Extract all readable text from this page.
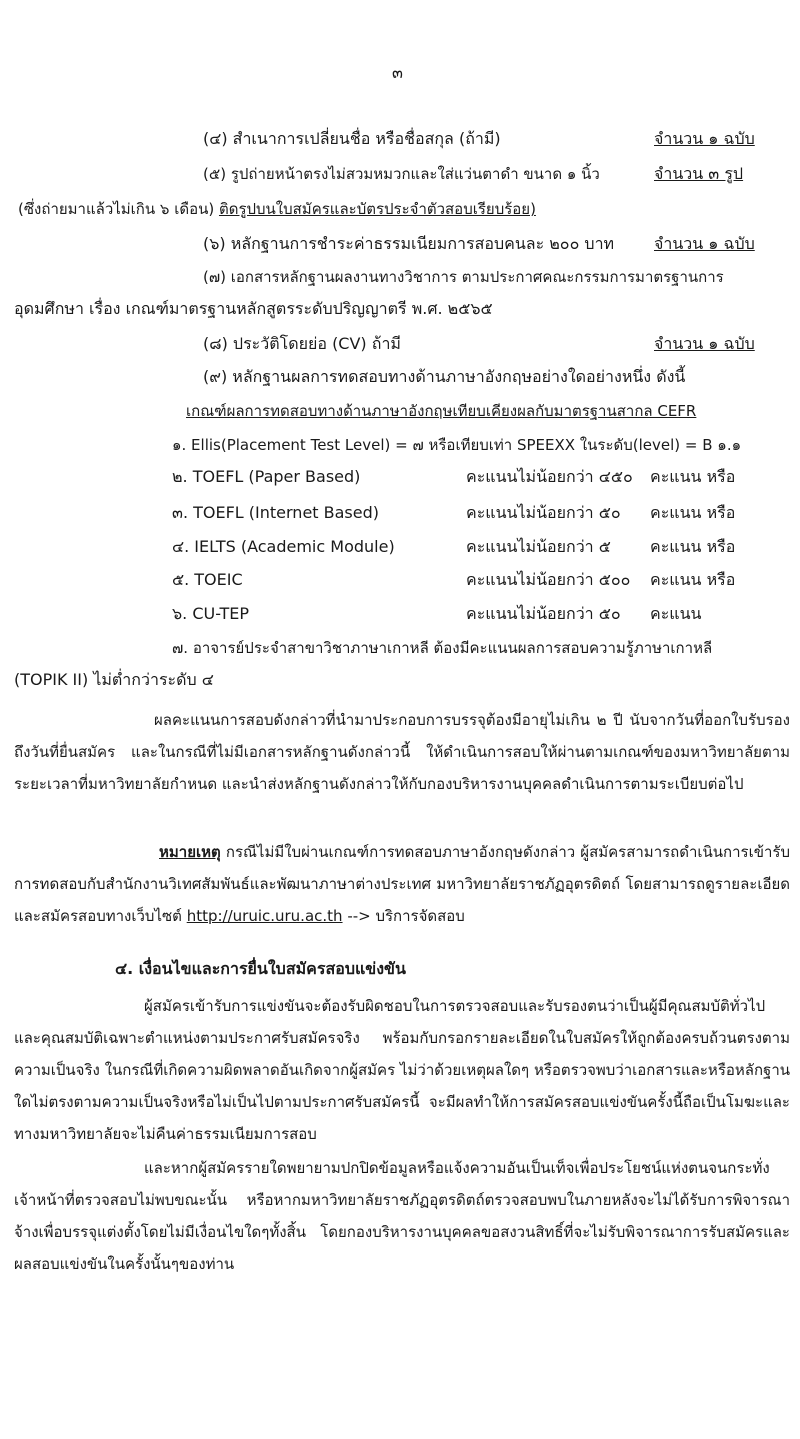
๓
(๔) สำเนาการเปลี่ยนชื่อ หรือชื่อสกุล (ถ้ามี)	จำนวน ๑ ฉบับ
(๕) รูปถ่ายหน้าตรงไม่สวมหมวกและใส่แว่นตาดำ ขนาด ๑ นิ้ว	จำนวน ๓ รูป
(ซึ่งถ่ายมาแล้วไม่เกิน ๖ เดือน) ติดรูปบนใบสมัครและบัตรประจำตัวสอบเรียบร้อย)
(๖) หลักฐานการชำระค่าธรรมเนียมการสอบคนละ ๒๐๐ บาท จำนวน ๑ ฉบับ
(๗) เอกสารหลักฐานผลงานทางวิชาการ ตามประกาศคณะกรรมการมาตรฐานการ
อุดมศึกษา เรื่อง เกณฑ์มาตรฐานหลักสูตรระดับปริญญาตรี พ.ศ. ๒๕๖๕
(๘) ประวัติโดยย่อ (CV) ถ้ามี	จำนวน ๑ ฉบับ
(๙) หลักฐานผลการทดสอบทางด้านภาษาอังกฤษอย่างใดอย่างหนึ่ง ดังนี้
เกณฑ์ผลการทดสอบทางด้านภาษาอังกฤษเทียบเคียงผลกับมาตรฐานสากล CEFR
๑. Ellis(Placement Test Level) = ๗ หรือเทียบเท่า SPEEXX ในระดับ(level) = B ๑.๑
๒. TOEFL (Paper Based)	คะแนนไม่น้อยกว่า ๔๕๐ คะแนน หรือ
๓. TOEFL (Internet Based)	คะแนนไม่น้อยกว่า ๕๐ คะแนน หรือ
๔. IELTS (Academic Module)	คะแนนไม่น้อยกว่า ๕ คะแนน หรือ
๕. TOEIC	คะแนนไม่น้อยกว่า ๕๐๐ คะแนน หรือ
๖. CU-TEP	คะแนนไม่น้อยกว่า ๕๐ คะแนน
๗. อาจารย์ประจำสาขาวิชาภาษาเกาหลี ต้องมีคะแนนผลการสอบความรู้ภาษาเกาหลี
(TOPIK II) ไม่ต่ำกว่าระดับ ๔
ผลคะแนนการสอบดังกล่าวที่นำมาประกอบการบรรจุต้องมีอายุไม่เกิน ๒ ปี นับจากวันที่ออกใบรับรองถึงวันที่ยื่นสมัคร และในกรณีที่ไม่มีเอกสารหลักฐานดังกล่าวนี้ ให้ดำเนินการสอบให้ผ่านตามเกณฑ์ของมหาวิทยาลัยตามระยะเวลาที่มหาวิทยาลัยกำหนด และนำส่งหลักฐานดังกล่าวให้กับกองบริหารงานบุคคลดำเนินการตามระเบียบต่อไป
หมายเหตุ กรณีไม่มีใบผ่านเกณฑ์การทดสอบภาษาอังกฤษดังกล่าว ผู้สมัครสามารถดำเนินการเข้ารับการทดสอบกับสำนักงานวิเทศสัมพันธ์และพัฒนาภาษาต่างประเทศ มหาวิทยาลัยราชภัฏอุตรดิตถ์ โดยสามารถดูรายละเอียดและสมัครสอบทางเว็บไซต์ http://uruic.uru.ac.th --> บริการจัดสอบ
๔. เงื่อนไขและการยื่นใบสมัครสอบแข่งขัน
ผู้สมัครเข้ารับการแข่งขันจะต้องรับผิดชอบในการตรวจสอบและรับรองตนว่าเป็นผู้มีคุณสมบัติทั่วไปและคุณสมบัติเฉพาะตำแหน่งตามประกาศรับสมัครจริง พร้อมกับกรอกรายละเอียดในใบสมัครให้ถูกต้องครบถ้วนตรงตามความเป็นจริง ในกรณีที่เกิดความผิดพลาดอันเกิดจากผู้สมัคร ไม่ว่าด้วยเหตุผลใดๆ หรือตรวจพบว่าเอกสารและหรือหลักฐานใดไม่ตรงตามความเป็นจริงหรือไม่เป็นไปตามประกาศรับสมัครนี้ จะมีผลทำให้การสมัครสอบแข่งขันครั้งนี้ถือเป็นโมฆะและทางมหาวิทยาลัยจะไม่คืนค่าธรรมเนียมการสอบ
และหากผู้สมัครรายใดพยายามปกปิดข้อมูลหรือแจ้งความอันเป็นเท็จเพื่อประโยชน์แห่งตนจนกระทั่งเจ้าหน้าที่ตรวจสอบไม่พบขณะนั้น หรือหากมหาวิทยาลัยราชภัฏอุตรดิตถ์ตรวจสอบพบในภายหลังจะไม่ได้รับการพิจารณาจ้างเพื่อบรรจุแต่งตั้งโดยไม่มีเงื่อนไขใดๆทั้งสิ้น โดยกองบริหารงานบุคคลขอสงวนสิทธิ์ที่จะไม่รับพิจารณาการรับสมัครและผลสอบแข่งขันในครั้งนั้นๆของท่าน
